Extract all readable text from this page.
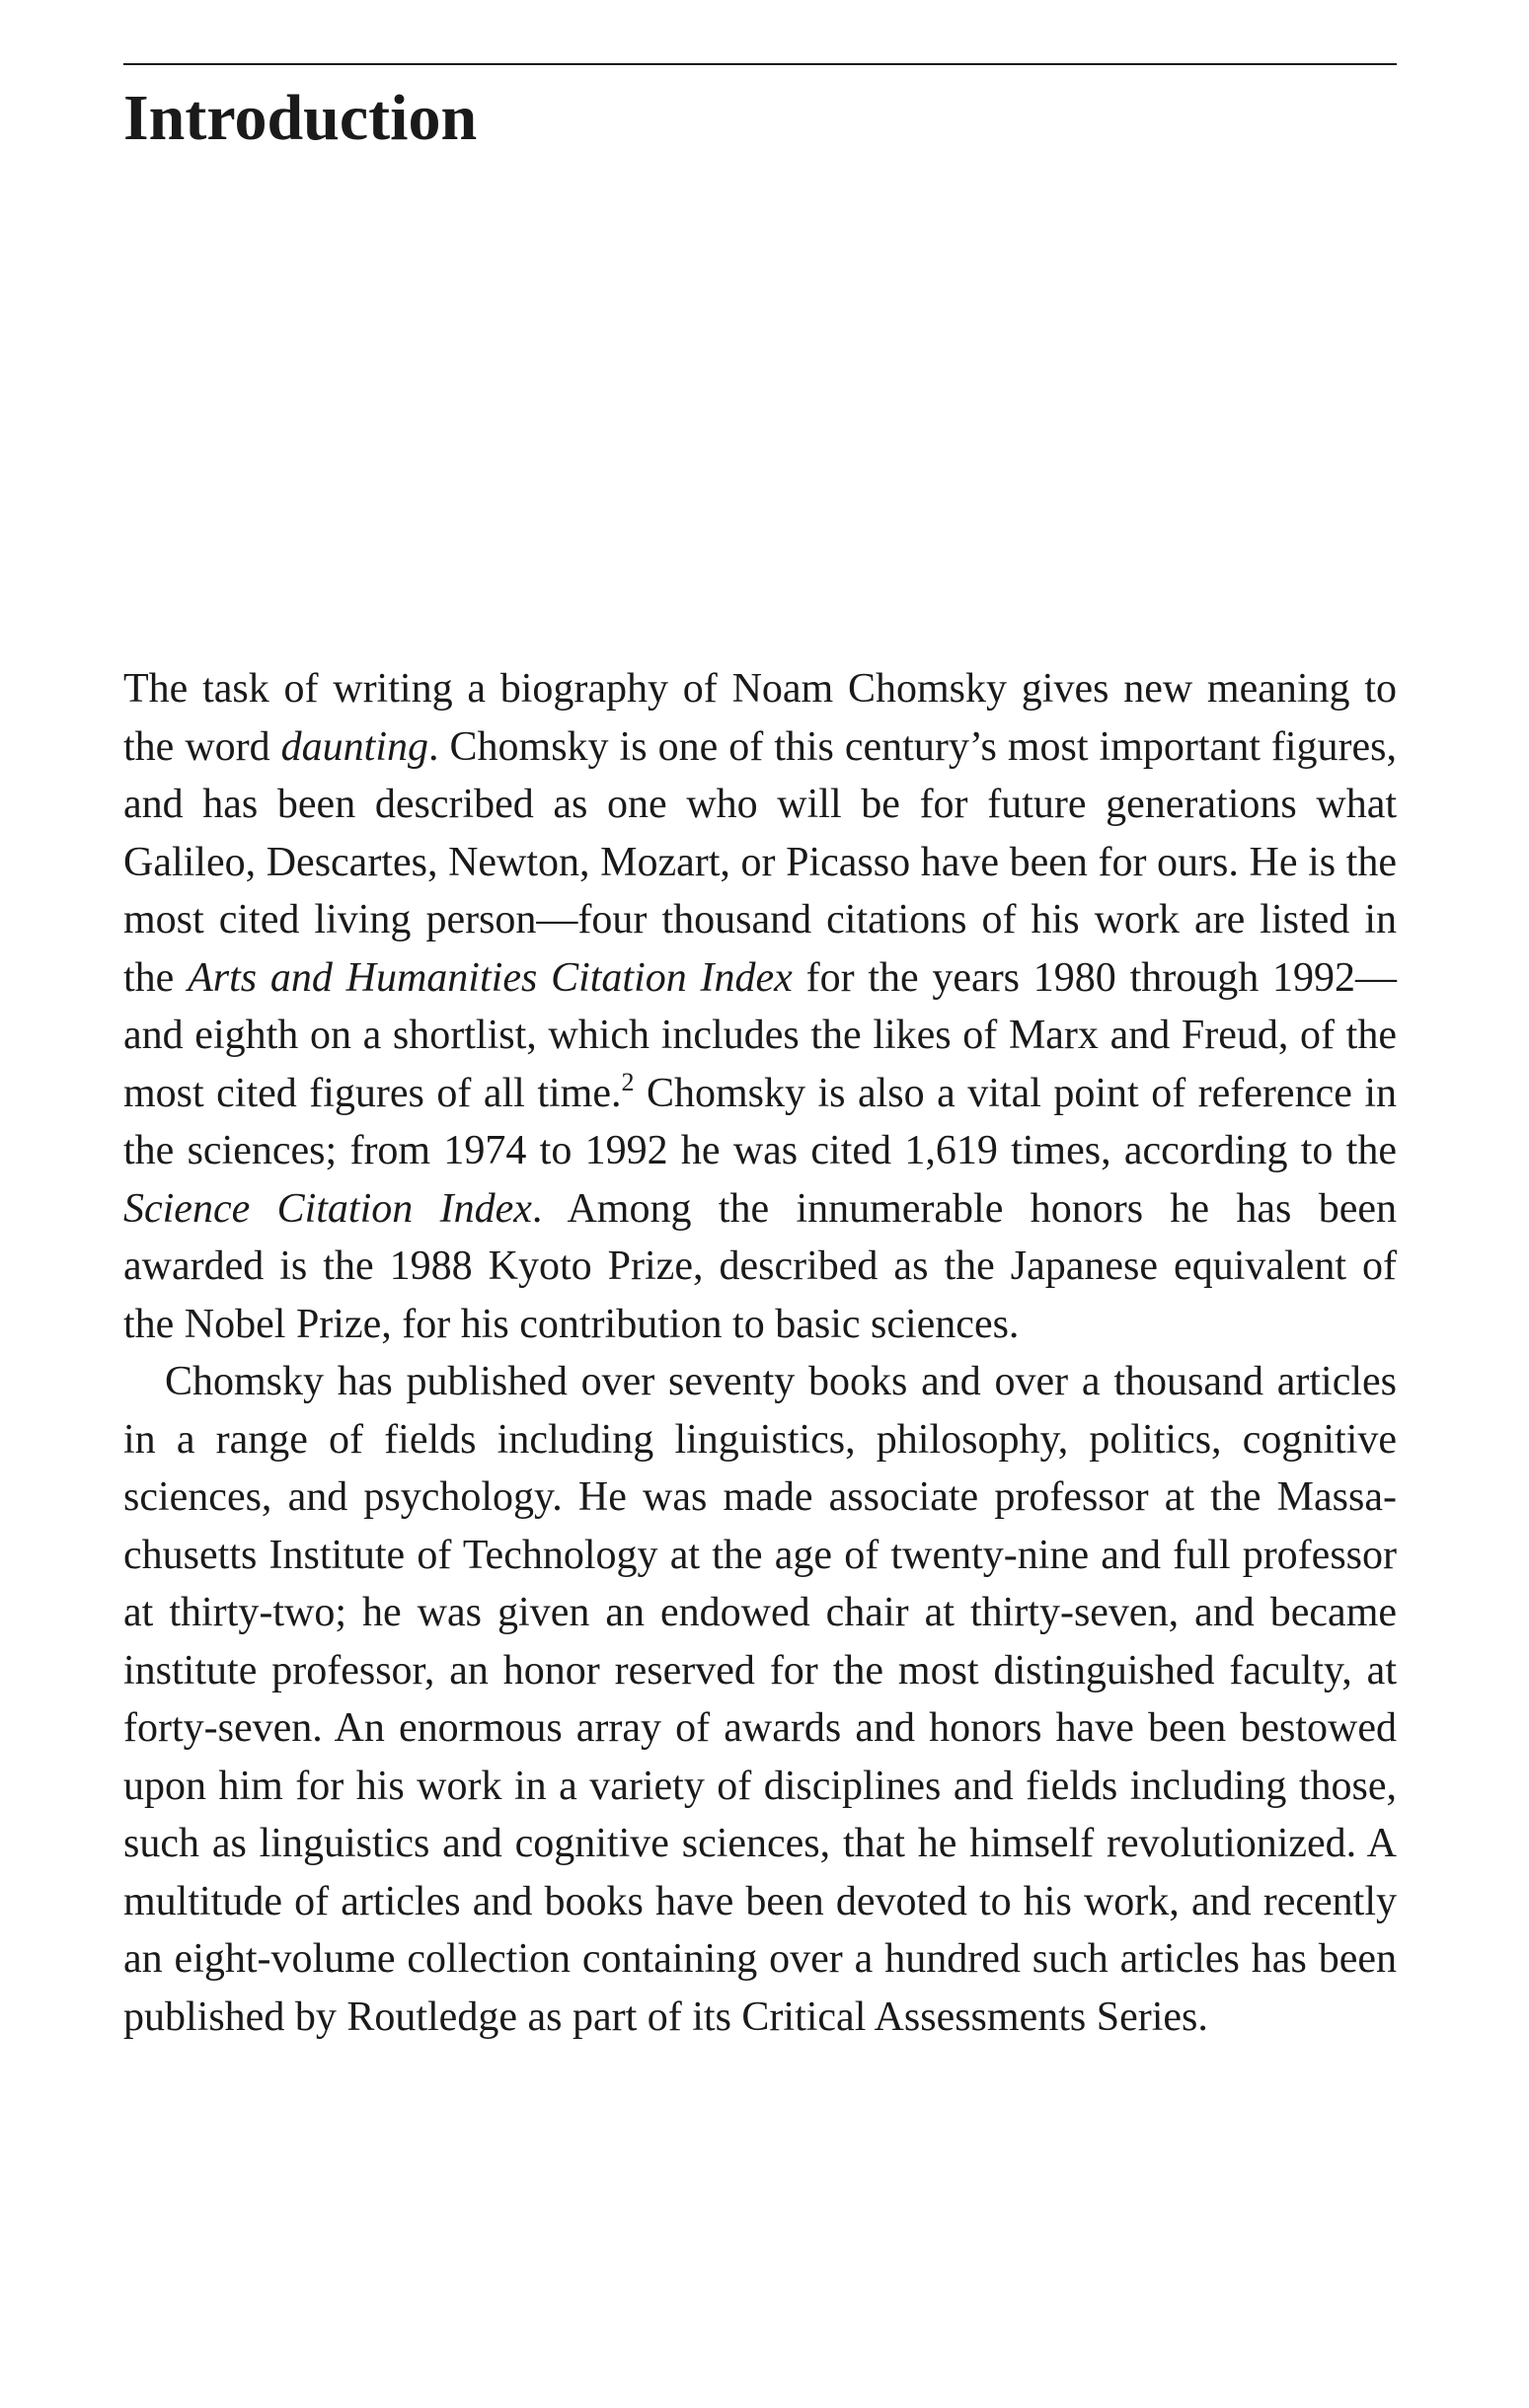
Introduction

The task of writing a biography of Noam Chomsky gives new meaning to the word daunting. Chomsky is one of this century’s most important figures, and has been described as one who will be for future generations what Galileo, Descartes, Newton, Mozart, or Picasso have been for ours. He is the most cited living person—four thousand citations of his work are listed in the Arts and Humanities Citation Index for the years 1980 through 1992—and eighth on a shortlist, which includes the likes of Marx and Freud, of the most cited figures of all time.$^2$ Chomsky is also a vital point of reference in the sciences; from 1974 to 1992 he was cited 1,619 times, according to the Science Citation Index. Among the innumerable honors he has been awarded is the 1988 Kyoto Prize, described as the Japanese equivalent of the Nobel Prize, for his contribution to basic sciences.

Chomsky has published over seventy books and over a thousand articles in a range of fields including linguistics, philosophy, politics, cognitive sciences, and psychology. He was made associate professor at the Massachusetts Institute of Technology at the age of twenty-nine and full professor at thirty-two; he was given an endowed chair at thirty-seven, and became institute professor, an honor reserved for the most distinguished faculty, at forty-seven. An enormous array of awards and honors have been bestowed upon him for his work in a variety of disciplines and fields including those, such as linguistics and cognitive sciences, that he himself revolutionized. A multitude of articles and books have been devoted to his work, and recently an eight-volume collection containing over a hundred such articles has been published by Routledge as part of its Critical Assessments Series.
